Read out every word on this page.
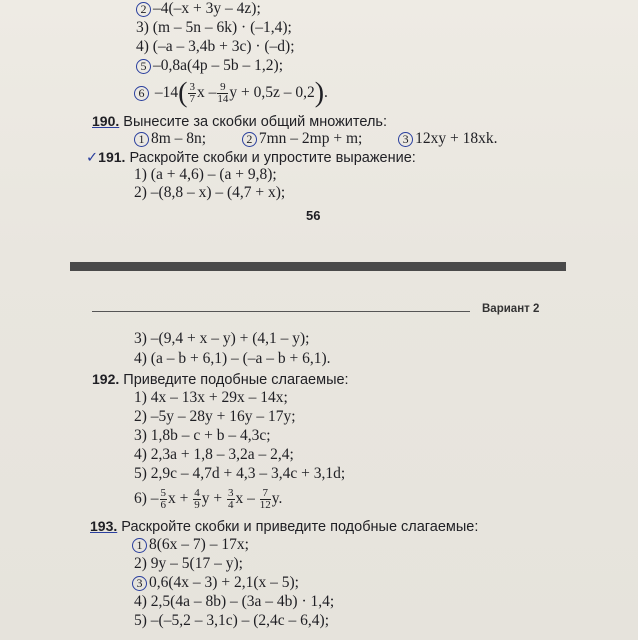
2 –4(–x + 3y – 4z);
3) (m – 5n – 6k) · (–1,4);
4) (–a – 3,4b + 3c) · (–d);
5 –0,8a(4p – 5b – 1,2);
6 $-14( \frac{3}{7}$ x – $\frac{9}{14}$ y + 0,5z – 0,2).
190. Вынесите за скобки общий множитель:
1 8m – 8n;	2 7mn – 2mp + m;	3 12xy + 18xk.
✓191. Раскройте скобки и упростите выражение:
1) (a + 4,6) – (a + 9,8);
2) –(8,8 – x) – (4,7 + x);
56
Вариант 2
3) –(9,4 + x – y) + (4,1 – y);
4) (a – b + 6,1) – (–a – b + 6,1).
192. Приведите подобные слагаемые:
1) 4x – 13x + 29x – 14x;
2) –5y – 28y + 16y – 17y;
3) 1,8b – c + b – 4,3c;
4) 2,3a + 1,8 – 3,2a – 2,4;
5) 2,9c – 4,7d + 4,3 – 3,4c + 3,1d;
$6) - \frac{5}{6}$ $x + \frac{4}{9}$ $y + \frac{3}{4}$ x – $\frac{7}{12} y$.
193. Раскройте скобки и приведите подобные слагаемые:
1 8(6x – 7) – 17x;
2) 9y – 5(17 – y);
3 0,6(4x – 3) + 2,1(x – 5);
4) 2,5(4a – 8b) – (3a – 4b) · 1,4;
5) –(–5,2 – 3,1c) – (2,4c – 6,4);
